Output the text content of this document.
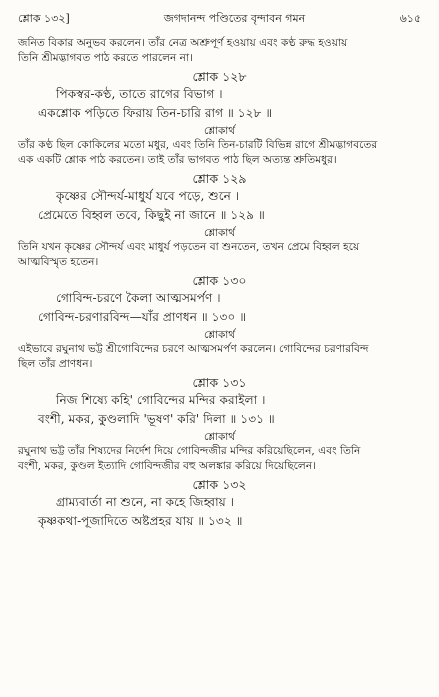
শ্লোক ১৩২]	জগদানন্দ পণ্ডিতের বৃন্দাবন গমন	৬১৫

জনিত বিকার অনুভব করলেন। তাঁর নেত্র অশ্রুপূর্ণ হওয়ায় এবং কণ্ঠ রুদ্ধ হওয়ায়
তিনি শ্রীমদ্ভাগবত পাঠ করতে পারলেন না।

শ্লোক ১২৮
পিকস্বর-কণ্ঠ, তাতে রাগের বিভাগ ।
একশ্লোক পড়িতে ফিরায় তিন-চারি রাগ ॥ ১২৮ ॥
শ্লোকার্থ

তাঁর কণ্ঠ ছিল কোকিলের মতো মধুর, এবং তিনি তিন-চারটি বিভিন্ন রাগে শ্রীমদ্ভাগবতের
এক একটি শ্লোক পাঠ করতেন। তাই তাঁর ভাগবত পাঠ ছিল অত্যন্ত শ্রুতিমধুর।

শ্লোক ১২৯
কৃষ্ণের সৌন্দর্য-মাধুর্য যবে পড়ে, শুনে ।
প্রেমেতে বিহ্বল তবে, কিছুই না জানে ॥ ১২৯ ॥
শ্লোকার্থ

তিনি যখন কৃষ্ণের সৌন্দর্য এবং মাধুর্য পড়তেন বা শুনতেন, তখন প্রেমে বিহ্বল হয়ে
আত্মবিস্মৃত হতেন।

শ্লোক ১৩০
গোবিন্দ-চরণে কৈলা আত্মসমর্পণ ।
গোবিন্দ-চরণারবিন্দ—যাঁর প্রাণধন ॥ ১৩০ ॥
শ্লোকার্থ

এইভাবে রঘুনাথ ভট্ট শ্রীগোবিন্দের চরণে আত্মসমর্পণ করলেন। গোবিন্দের চরণারবিন্দ
ছিল তাঁর প্রাণধন।

শ্লোক ১৩১
নিজ শিষ্যে কহি' গোবিন্দের মন্দির করাইলা ।
বংশী, মকর, কুণ্ডলাদি 'ভূষণ' করি' দিলা ॥ ১৩১ ॥
শ্লোকার্থ

রঘুনাথ ভট্ট তাঁর শিষ্যদের নির্দেশ দিয়ে গোবিন্দজীর মন্দির করিয়েছিলেন, এবং তিনি
বংশী, মকর, কুণ্ডল ইত্যাদি গোবিন্দজীর বহু অলঙ্কার করিয়ে দিয়েছিলেন।

শ্লোক ১৩২
গ্রাম্যবার্তা না শুনে, না কহে জিহ্বায় ।
কৃষ্ণকথা-পূজাদিতে অষ্টপ্রহর যায় ॥ ১৩২ ॥
